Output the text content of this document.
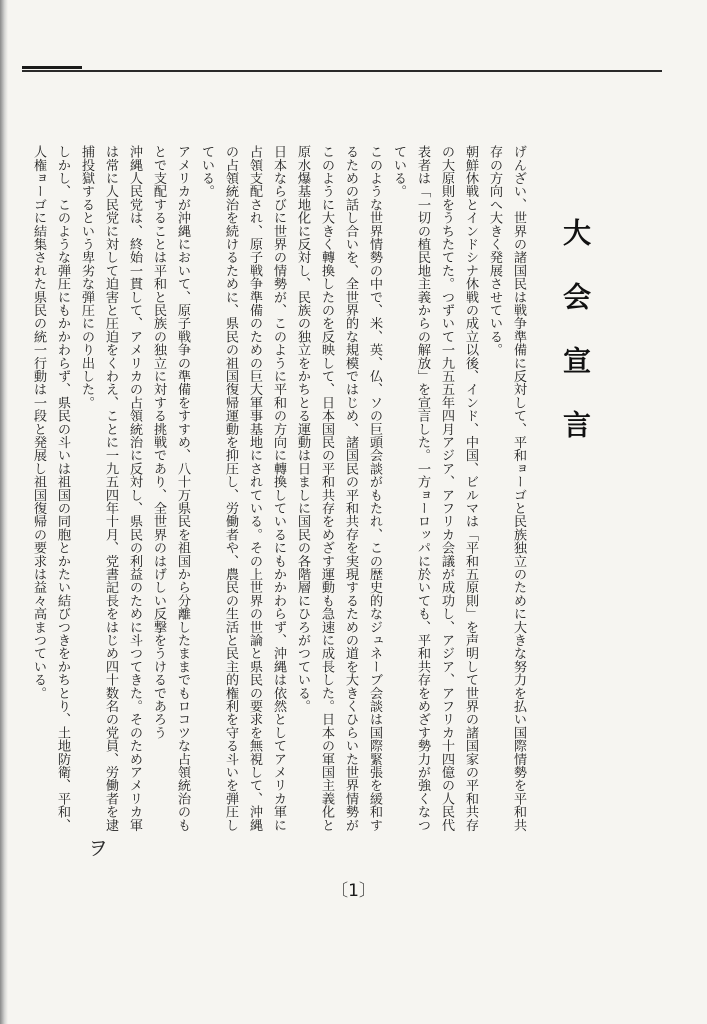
大会宣言

げんざい、世界の諸国民は戦争準備に反対して、平和ョーゴと民族独立のために大きな努力を払い国際情勢を平和共存の方向へ大きく発展させている。

朝鮮休戦とインドシナ休戦の成立以後、インド、中国、ビルマは「平和五原則」を声明して世界の諸国家の平和共存の大原則をうちたてた。つずいて一九五五年四月アジア、アフリカ会議が成功し、アジア、アフリカ十四億の人民代表者は「一切の植民地主義からの解放」を宣言した。一方ョーロッパに於いても、平和共存をめざす勢力が強くなつている。

このような世界情勢の中で、米、英、仏、ソの巨頭会談がもたれ、この歴史的なジュネーブ会談は国際緊張を緩和するための話し合いを、全世界的な規模ではじめ、諸国民の平和共存を実現するための道を大きくひらいた世界情勢がこのように大きく轉換したのを反映して、日本国民の平和共存をめざす運動も急速に成長した。日本の軍国主義化と原水爆基地化に反対し、民族の独立をかちとる運動は日ましに国民の各階層にひろがつている。

日本ならびに世界の情勢が、このように平和の方向に轉換しているにもかかわらず、沖縄は依然としてアメリカ軍に占領支配され、原子戦争準備のための巨大軍事基地にされている。その上世界の世論と県民の要求を無視して、沖縄の占領統治を続けるために、県民の祖国復帰運動を抑圧し、労働者や、農民の生活と民主的権利を守る斗いを弾圧している。

アメリカが沖縄において、原子戦争の準備をすすめ、八十万県民を祖国から分離したままでもロコツな占領統治のもとで支配することは平和と民族の独立に対する挑戦であり、全世界のはげしい反撃をうけるであろう

沖縄人民党は、終始一貫して、アメリカの占領統治に反対し、県民の利益のために斗つてきた。そのためアメリカ軍は常に人民党に対して迫害と圧迫をくわえ、ことに一九五四年十月、党書記長をはじめ四十数名の党員、労働者を逮捕投獄するという卑劣な弾圧にのり出した。

しかし、このような弾圧にもかかわらず、県民の斗いは祖国の同胞とかたい結びつきをかちとり、土地防衛、平和、人権ョーゴに結集された県民の統一行動は一段と発展し祖国復帰の要求は益々高まつている。

ヲ
〔1〕
